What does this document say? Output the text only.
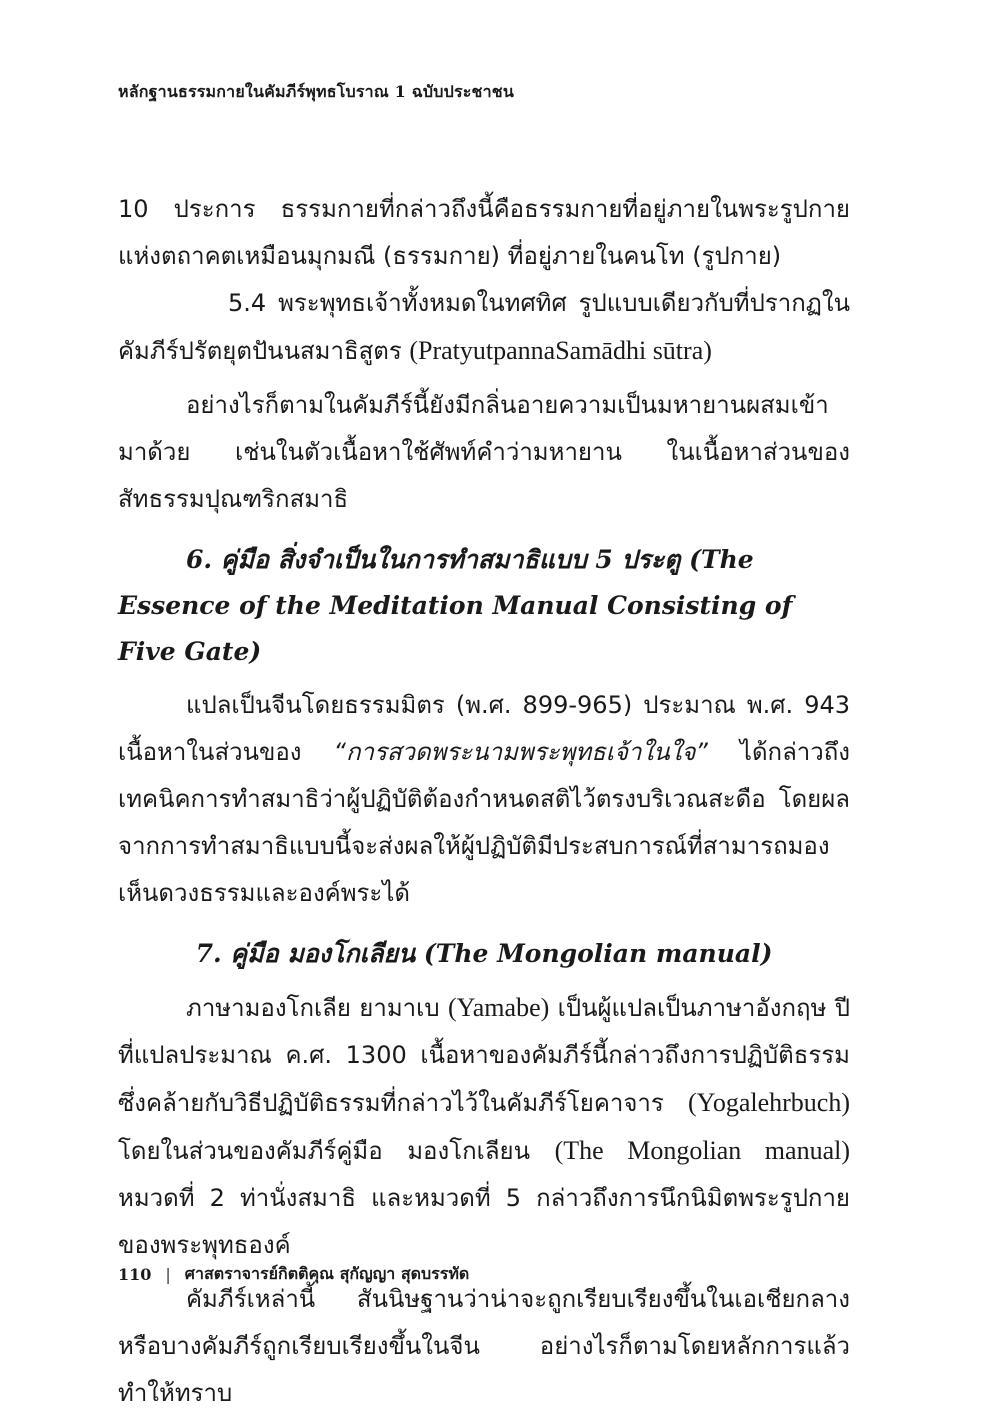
หลักฐานธรรมกายในคัมภีร์พุทธโบราณ 1 ฉบับประชาชน

10 ประการ ธรรมกายที่กล่าวถึงนี้คือธรรมกายที่อยู่ภายในพระรูปกายแห่งตถาคตเหมือนมุกมณี (ธรรมกาย) ที่อยู่ภายในคนโท (รูปกาย)

5.4 พระพุทธเจ้าทั้งหมดในทศทิศ รูปแบบเดียวกับที่ปรากฏในคัมภีร์ปรัตยุตปันนสมาธิสูตร (PratyutpannaSamādhi sūtra)

อย่างไรก็ตามในคัมภีร์นี้ยังมีกลิ่นอายความเป็นมหายานผสมเข้ามาด้วย เช่นในตัวเนื้อหาใช้ศัพท์คำว่ามหายาน ในเนื้อหาส่วนของสัทธรรมปุณฑริกสมาธิ

6. คู่มือ สิ่งจำเป็นในการทำสมาธิแบบ 5 ประตู (The Essence of the Meditation Manual Consisting of Five Gate)

แปลเป็นจีนโดยธรรมมิตร (พ.ศ. 899-965) ประมาณ พ.ศ. 943 เนื้อหาในส่วนของ “การสวดพระนามพระพุทธเจ้าในใจ” ได้กล่าวถึงเทคนิคการทำสมาธิว่าผู้ปฏิบัติต้องกำหนดสติไว้ตรงบริเวณสะดือ โดยผลจากการทำสมาธิแบบนี้จะส่งผลให้ผู้ปฏิบัติมีประสบการณ์ที่สามารถมองเห็นดวงธรรมและองค์พระได้

7. คู่มือ มองโกเลียน (The Mongolian manual)

ภาษามองโกเลีย ยามาเบ (Yamabe) เป็นผู้แปลเป็นภาษาอังกฤษ ปีที่แปลประมาณ ค.ศ. 1300 เนื้อหาของคัมภีร์นี้กล่าวถึงการปฏิบัติธรรมซึ่งคล้ายกับวิธีปฏิบัติธรรมที่กล่าวไว้ในคัมภีร์โยคาจาร (Yogalehrbuch) โดยในส่วนของคัมภีร์คู่มือ มองโกเลียน (The Mongolian manual) หมวดที่ 2 ท่านั่งสมาธิ และหมวดที่ 5 กล่าวถึงการนึกนิมิตพระรูปกายของพระพุทธองค์

คัมภีร์เหล่านี้ สันนิษฐานว่าน่าจะถูกเรียบเรียงขึ้นในเอเชียกลาง หรือบางคัมภีร์ถูกเรียบเรียงขึ้นในจีน อย่างไรก็ตามโดยหลักการแล้วทำให้ทราบ

110 | ศาสตราจารย์กิตติคุณ สุกัญญา สุดบรรทัด
